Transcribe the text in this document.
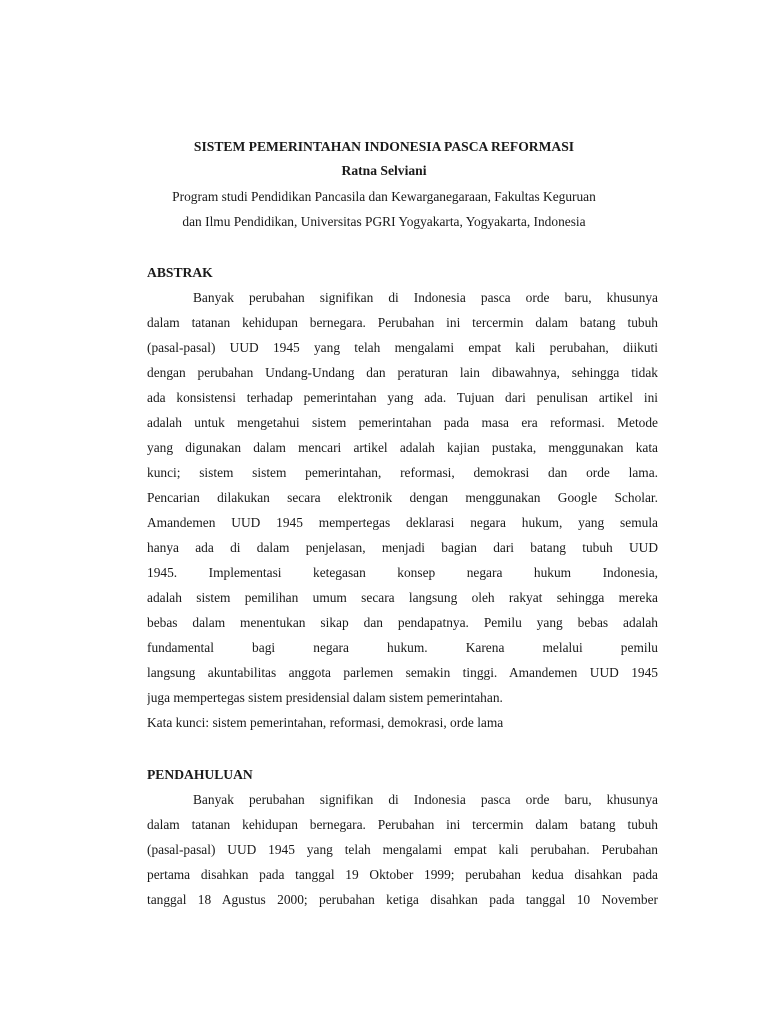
SISTEM PEMERINTAHAN INDONESIA PASCA REFORMASI
Ratna Selviani
Program studi Pendidikan Pancasila dan Kewarganegaraan, Fakultas Keguruan
dan Ilmu Pendidikan, Universitas PGRI Yogyakarta, Yogyakarta, Indonesia
ABSTRAK
Banyak perubahan signifikan di Indonesia pasca orde baru, khusunya
dalam tatanan kehidupan bernegara. Perubahan ini tercermin dalam batang tubuh
(pasal-pasal) UUD 1945 yang telah mengalami empat kali perubahan, diikuti
dengan perubahan Undang-Undang dan peraturan lain dibawahnya, sehingga tidak
ada konsistensi terhadap pemerintahan yang ada. Tujuan dari penulisan artikel ini
adalah untuk mengetahui sistem pemerintahan pada masa era reformasi. Metode
yang digunakan dalam mencari artikel adalah kajian pustaka, menggunakan kata
kunci; sistem sistem pemerintahan, reformasi, demokrasi dan orde lama.
Pencarian dilakukan secara elektronik dengan menggunakan Google Scholar.
Amandemen UUD 1945 mempertegas deklarasi negara hukum, yang semula
hanya ada di dalam penjelasan, menjadi bagian dari batang tubuh UUD
1945. Implementasi ketegasan konsep negara hukum Indonesia,
adalah sistem pemilihan umum secara langsung oleh rakyat sehingga mereka
bebas dalam menentukan sikap dan pendapatnya. Pemilu yang bebas adalah
fundamental bagi negara hukum. Karena melalui pemilu
langsung akuntabilitas anggota parlemen semakin tinggi. Amandemen UUD 1945
juga mempertegas sistem presidensial dalam sistem pemerintahan.
Kata kunci: sistem pemerintahan, reformasi, demokrasi, orde lama
PENDAHULUAN
Banyak perubahan signifikan di Indonesia pasca orde baru, khusunya
dalam tatanan kehidupan bernegara. Perubahan ini tercermin dalam batang tubuh
(pasal-pasal) UUD 1945 yang telah mengalami empat kali perubahan. Perubahan
pertama disahkan pada tanggal 19 Oktober 1999; perubahan kedua disahkan pada
tanggal 18 Agustus 2000; perubahan ketiga disahkan pada tanggal 10 November
